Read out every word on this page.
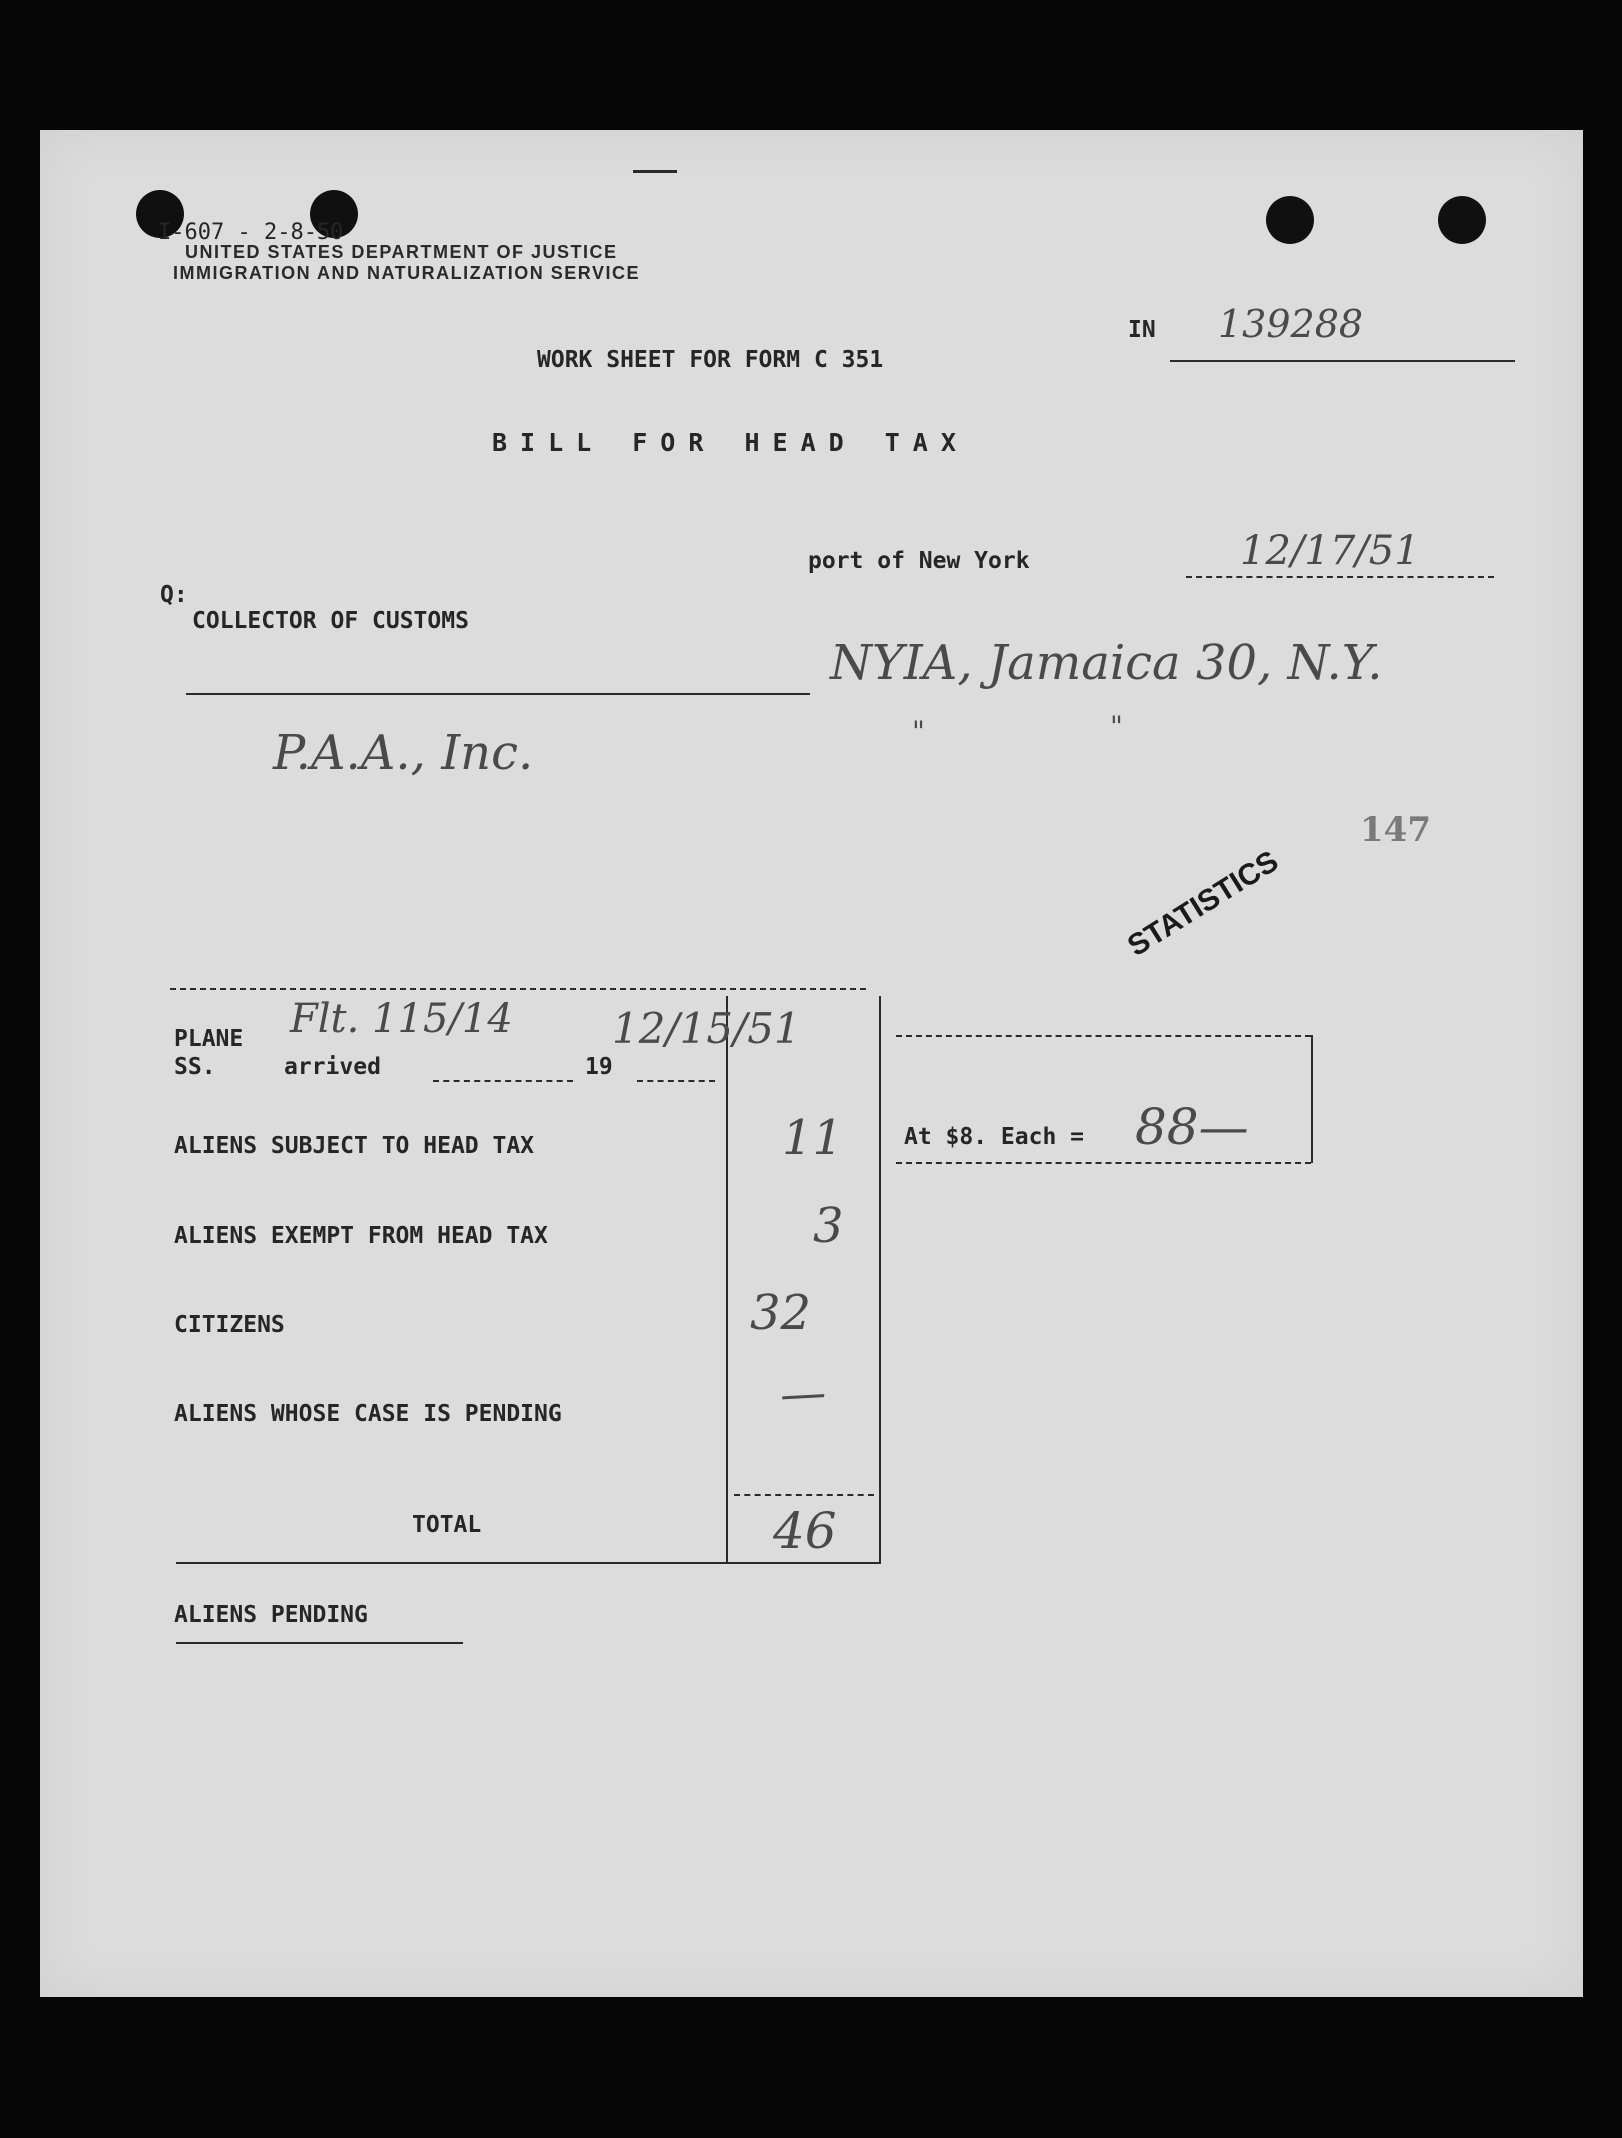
I-607 - 2-8-50
UNITED STATES DEPARTMENT OF JUSTICE
IMMIGRATION AND NATURALIZATION SERVICE
IN 139288
WORK SHEET FOR FORM C 351
BILL FOR HEAD TAX
port of New York	12/17/51
Q:
COLLECTOR OF CUSTOMS
NYIA, Jamaica 30, N.Y.
"	"
P.A.A., Inc.
STATISTICS
147
PLANE
SS.	arrived	19
Flt. 115/14 12/15/51
ALIENS SUBJECT TO HEAD TAX	11
ALIENS EXEMPT FROM HEAD TAX	3
CITIZENS	32
ALIENS WHOSE CASE IS PENDING	—
TOTAL	46
At $8. Each = 88—
ALIENS PENDING
